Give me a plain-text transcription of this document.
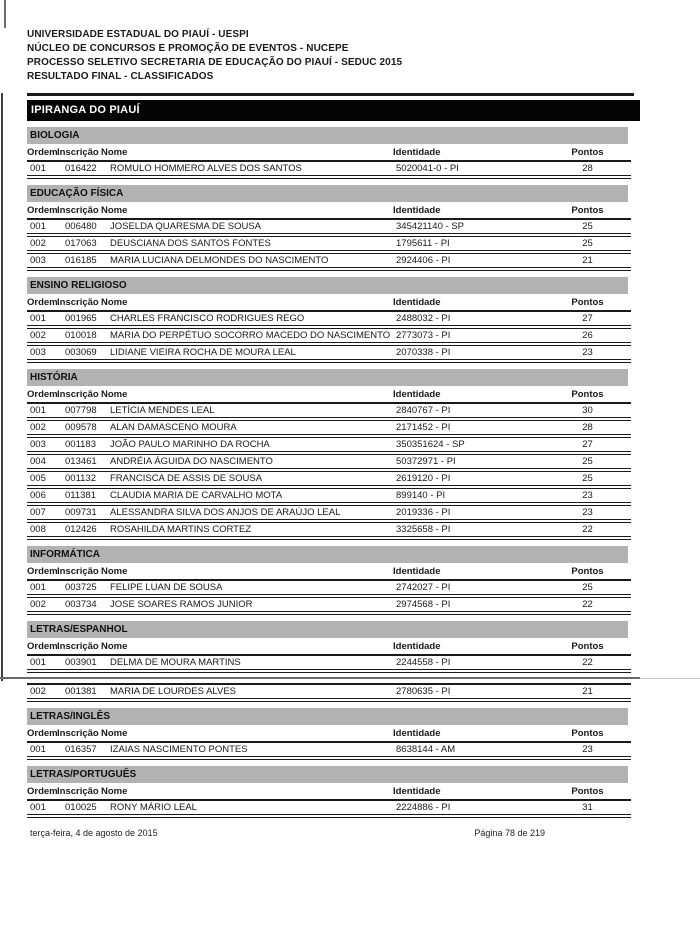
UNIVERSIDADE ESTADUAL DO PIAUÍ - UESPI
NÚCLEO DE CONCURSOS E PROMOÇÃO DE EVENTOS - NUCEPE
PROCESSO SELETIVO SECRETARIA DE EDUCAÇÃO DO PIAUÍ - SEDUC 2015
RESULTADO FINAL - CLASSIFICADOS
IPIRANGA DO PIAUÍ
BIOLOGIA
Ordem Inscrição Nome	Identidade	Pontos
001	016422	ROMULO HOMMERO ALVES DOS SANTOS	5020041-0 - PI	28
EDUCAÇÃO FÍSICA
Ordem Inscrição Nome	Identidade	Pontos
001	006480	JOSELDA QUARESMA DE SOUSA	345421140 - SP	25
002	017063	DEUSCIANA DOS SANTOS FONTES	1795611 - PI	25
003	016185	MARIA LUCIANA DELMONDES DO NASCIMENTO	2924406 - PI	21
ENSINO RELIGIOSO
Ordem Inscrição Nome	Identidade	Pontos
001	001965	CHARLES FRANCISCO RODRIGUES REGO	2488032 - PI	27
002	010018	MARIA DO PERPÉTUO SOCORRO MACEDO DO NASCIMENTO 2773073 - PI	26
003	003069	LIDIANE VIEIRA ROCHA DE MOURA LEAL	2070338 - PI	23
HISTÓRIA
Ordem Inscrição Nome	Identidade	Pontos
001	007798	LETÍCIA MENDES LEAL	2840767 - PI	30
002	009578	ALAN DAMASCENO MOURA	2171452 - PI	28
003	001183	JOÃO PAULO MARINHO DA ROCHA	350351624 - SP	27
004	013461	ANDRÉIA ÁGUIDA DO NASCIMENTO	50372971 - PI	25
005	001132	FRANCISCA DE ASSIS DE SOUSA	2619120 - PI	25
006	011381	CLAUDIA MARIA DE CARVALHO MOTA	899140 - PI	23
007	009731	ALESSANDRA SILVA DOS ANJOS DE ARAÚJO LEAL	2019336 - PI	23
008	012426	ROSAHILDA MARTINS CORTEZ	3325658 - PI	22
INFORMÁTICA
Ordem Inscrição Nome	Identidade	Pontos
001	003725	FELIPE LUAN DE SOUSA	2742027 - PI	25
002	003734	JOSE SOARES RAMOS JUNIOR	2974568 - PI	22
LETRAS/ESPANHOL
Ordem Inscrição Nome	Identidade	Pontos
001	003901	DELMA DE MOURA MARTINS	2244558 - PI	22
002	001381	MARIA DE LOURDES ALVES	2780635 - PI	21
LETRAS/INGLÊS
Ordem Inscrição Nome	Identidade	Pontos
001	016357	IZAIAS NASCIMENTO PONTES	8638144 - AM	23
LETRAS/PORTUGUÊS
Ordem Inscrição Nome	Identidade	Pontos
001	010025	RONY MÁRIO LEAL	2224886 - PI	31
terça-feira, 4 de agosto de 2015	Página 78 de 219
